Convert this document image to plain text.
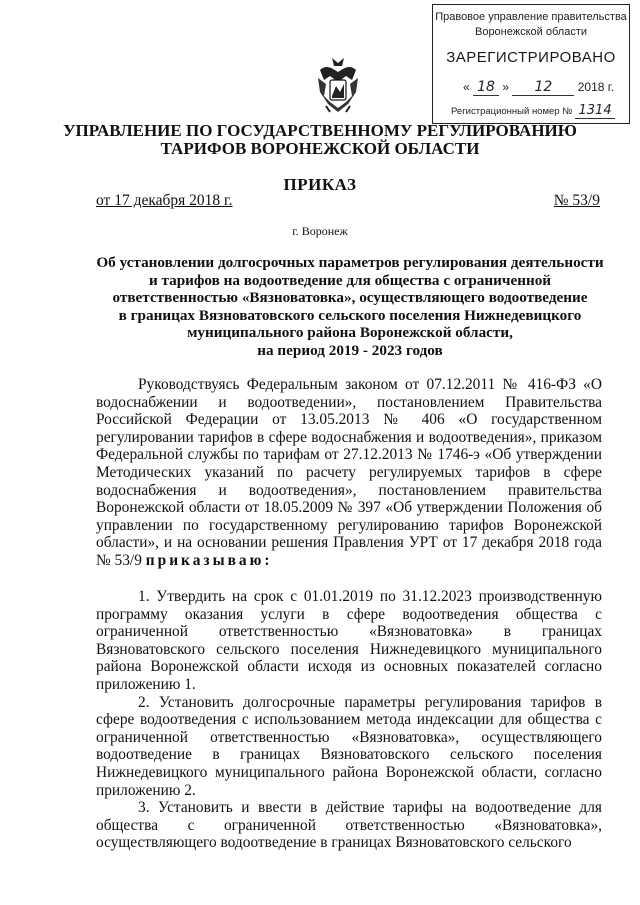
Правовое управление правительства
Воронежской области
ЗАРЕГИСТРИРОВАНО
« 18 » 12 2018 г.
Регистрационный номер № 1314
УПРАВЛЕНИЕ ПО ГОСУДАРСТВЕННОМУ РЕГУЛИРОВАНИЮ
ТАРИФОВ ВОРОНЕЖСКОЙ ОБЛАСТИ
ПРИКАЗ
от 17 декабря 2018 г.	№ 53/9
г. Воронеж
Об установлении долгосрочных параметров регулирования деятельности
и тарифов на водоотведение для общества с ограниченной
ответственностью «Вязноватовка», осуществляющего водоотведение
в границах Вязноватовского сельского поселения Нижнедевицкого
муниципального района Воронежской области,
на период 2019 - 2023 годов

Руководствуясь Федеральным законом от 07.12.2011 № 416-ФЗ «О водоснабжении и водоотведении», постановлением Правительства Российской Федерации от 13.05.2013 № 406 «О государственном регулировании тарифов в сфере водоснабжения и водоотведения», приказом Федеральной службы по тарифам от 27.12.2013 № 1746-э «Об утверждении Методических указаний по расчету регулируемых тарифов в сфере водоснабжения и водоотведения», постановлением правительства Воронежской области от 18.05.2009 № 397 «Об утверждении Положения об управлении по государственному регулированию тарифов Воронежской области», и на основании решения Правления УРТ от 17 декабря 2018 года № 53/9 приказываю:

1. Утвердить на срок с 01.01.2019 по 31.12.2023 производственную программу оказания услуги в сфере водоотведения общества с ограниченной ответственностью «Вязноватовка» в границах Вязноватовского сельского поселения Нижнедевицкого муниципального района Воронежской области исходя из основных показателей согласно приложению 1.

2. Установить долгосрочные параметры регулирования тарифов в сфере водоотведения с использованием метода индексации для общества с ограниченной ответственностью «Вязноватовка», осуществляющего водоотведение в границах Вязноватовского сельского поселения Нижнедевицкого муниципального района Воронежской области, согласно приложению 2.

3. Установить и ввести в действие тарифы на водоотведение для общества с ограниченной ответственностью «Вязноватовка», осуществляющего водоотведение в границах Вязноватовского сельского
